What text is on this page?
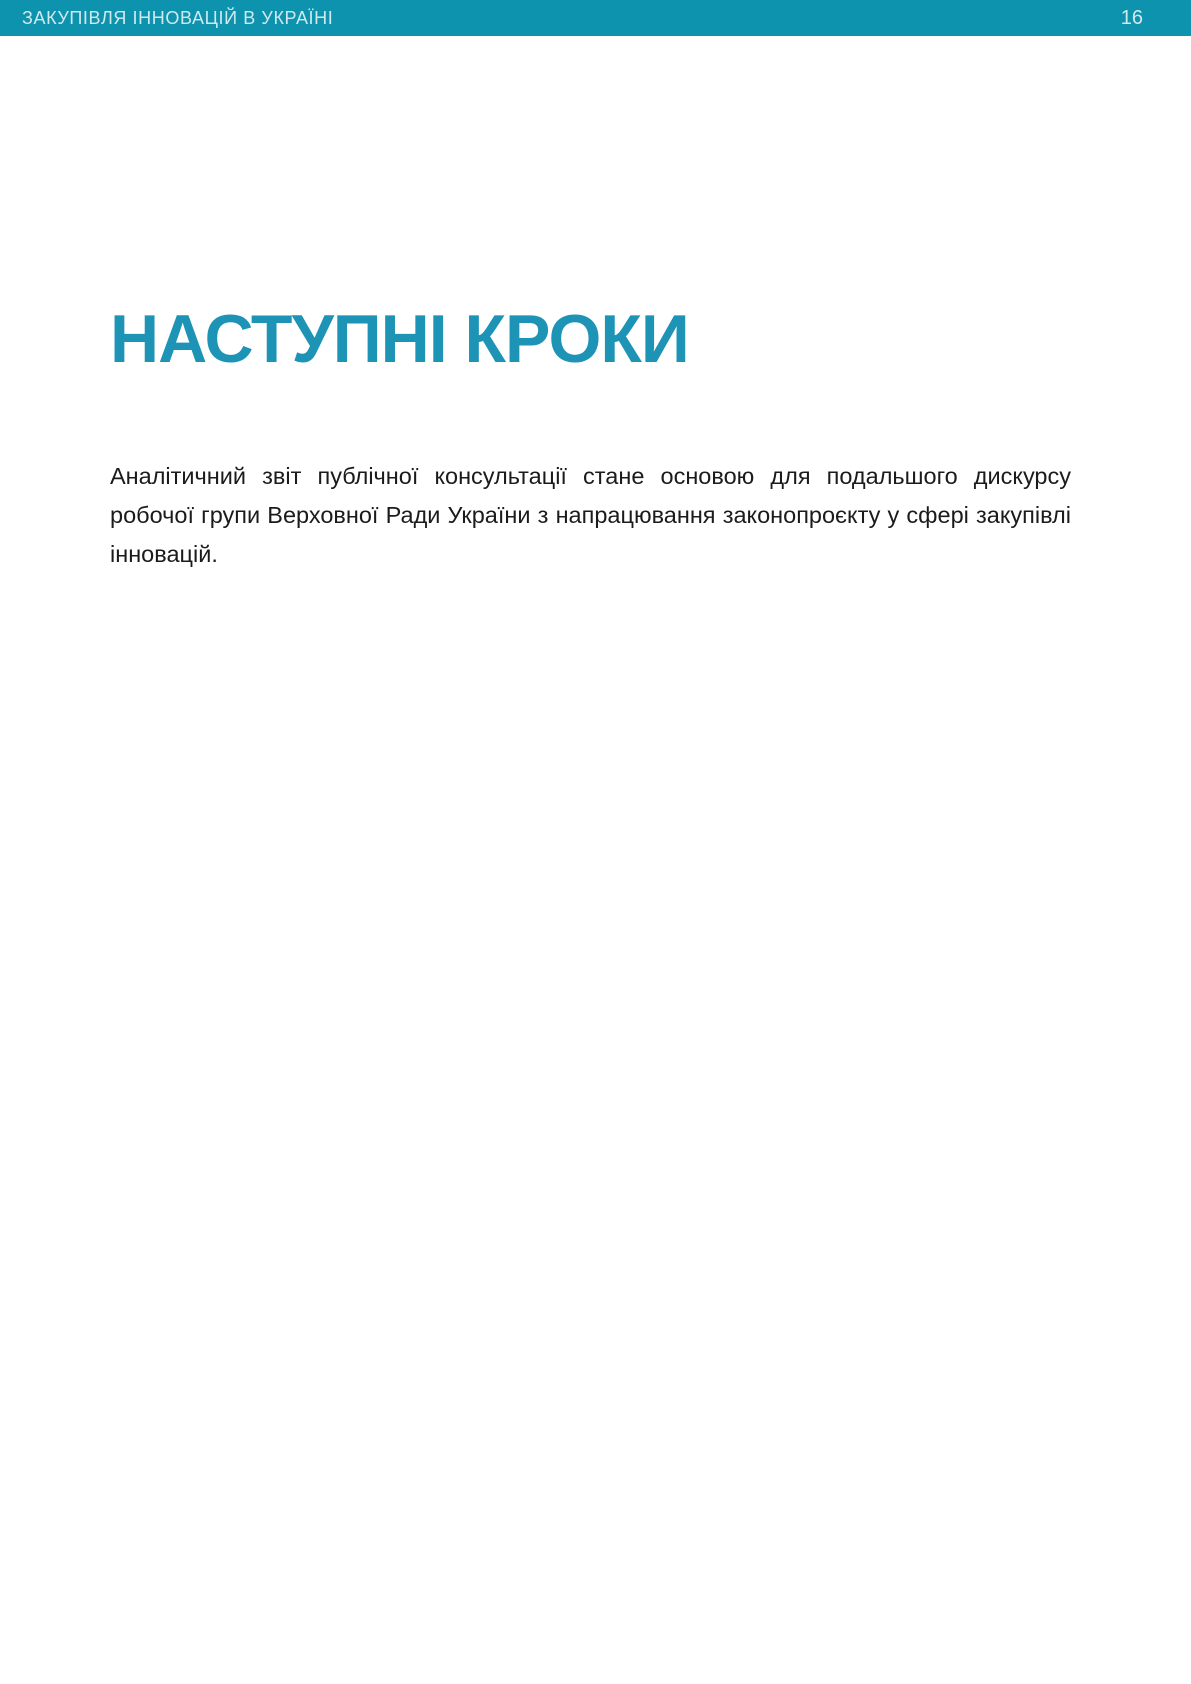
ЗАКУПІВЛЯ ІННОВАЦІЙ В УКРАЇНІ	16
НАСТУПНІ КРОКИ

Аналітичний звіт публічної консультації стане основою для подальшого дискурсу робочої групи Верховної Ради України з напрацювання законопроєкту у сфері закупівлі інновацій.
